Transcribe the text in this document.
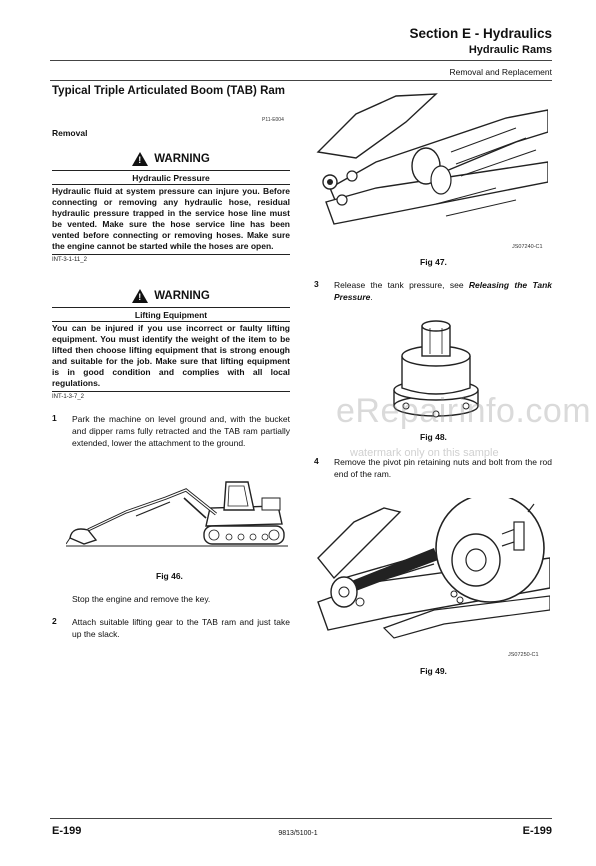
Section E - Hydraulics
Hydraulic Rams
Removal and Replacement
Typical Triple Articulated Boom (TAB) Ram
P11-E004
Removal
! WARNING
Hydraulic Pressure
Hydraulic fluid at system pressure can injure you. Before connecting or removing any hydraulic hose, residual hydraulic pressure trapped in the service hose line must be vented. Make sure the hose service line has been vented before connecting or removing hoses. Make sure the engine cannot be started while the hoses are open.
INT-3-1-11_2
! WARNING
Lifting Equipment
You can be injured if you use incorrect or faulty lifting equipment. You must identify the weight of the item to be lifted then choose lifting equipment that is strong enough and suitable for the job. Make sure that lifting equipment is in good condition and complies with all local regulations.
INT-1-3-7_2
1 Park the machine on level ground and, with the bucket and dipper rams fully retracted and the TAB ram partially extended, lower the attachment to the ground.
Fig 46.
Stop the engine and remove the key.
2 Attach suitable lifting gear to the TAB ram and just take up the slack.
JS07240-C1
Fig 47.
3 Release the tank pressure, see Releasing the Tank Pressure.
Fig 48.
4 Remove the pivot pin retaining nuts and bolt from the rod end of the ram.
JS07250-C1
Fig 49.
eRepairinfo.com
watermark only on this sample
E-199	9813/5100-1	E-199
